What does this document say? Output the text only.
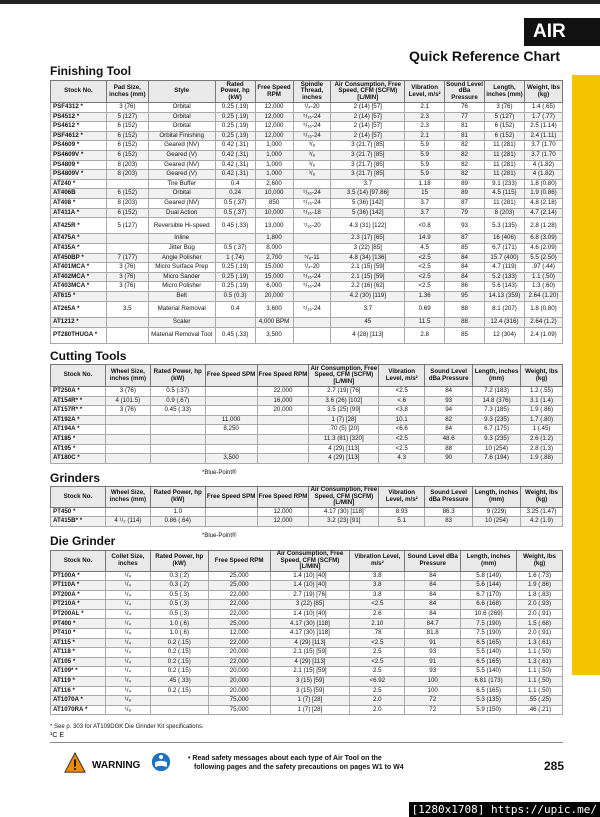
AIR
Quick Reference Chart
Finishing Tool
Stock No.	Pad Size, inches (mm)	Style	Rated Power, hp (kW)	Free Speed RPM	Spindle Thread, inches	Air Consumption, Free Speed, CFM (SCFM) [L/MIN]	Vibration Level, m/s²	Sound Level dBa Pressure	Length, inches (mm)	Weight, lbs (kg)
PSF4312 *	3 (76)	Orbital	0.25 (.19)	12,000	¹/₄-20	2 (14) [57]	2.1	76	3 (76)	1.4 (.65)
PS4512 *	5 (127)	Orbital	0.25 (.19)	12,000	⁵/₁₆-24	2 (14) [57]	2.3	77	5 (127)	1.7 (.77)
PS4612 *	6 (152)	Orbital	0.25 (.19)	12,000	⁵/₁₆-24	2 (14) [57]	2.3	81	6 (152)	2.5 (1.14)
PSF4612 *	6 (152)	Orbital Finishing	0.25 (.19)	12,000	⁵/₁₆-24	2 (14) [57]	2.1	81	6 (152)	2.4 (1.11)
PS4609 *	6 (152)	Geared (NV)	0.42 (.31)	1,000	³/₈	3 (21.7) [85]	5.9	82	11 (281)	3.7 (1.70
PS4609V *	6 (152)	Geared (V)	0.42 (.31)	1,000	³/₈	3 (21.7) [85]	5.9	82	11 (281)	3.7 (1.70
PS4809 *	8 (203)	Geared (NV)	0.42 (.31)	1,000	³/₈	3 (21.7) [85]	5.9	82	11 (281)	4 (1.82)
PS4809V *	8 (203)	Geared (V)	0.42 (.31)	1,000	³/₈	3 (21.7) [85]	5.9	82	11 (281)	4 (1.82)
AT240 *		Tire Buffer	0.4	2,600		3.7	1.18	89	9.1 (233)	1.8 (0.80)
AT406B	6 (152)	Orbital	0.24	10,000	⁵/₁₆-24	3.5 (14) [97.86]	15	89	4.5 (115)	1.9 (0.86)
AT408 *	8 (203)	Geared (NV)	0.5 (.37)	850	⁵/₁₆-24	5 (36) [142]	3.7	87	11 (281)	4.8 (2.18)
AT411A *	6 (152)	Dual Action	0.5 (.37)	10,000	⁵/₁₆-18	5 (36) [142]	3.7	79	8 (203)	4.7 (2.14)
AT425R *	5 (127)	Reversible Hi-speed	0.45 (.33)	13,000	⁷/₁₆-20	4.3 (31) [122]	<0.8	93	5.3 (135)	2.8 (1.28)
AT475A *		Inline		1,800		2.3 (17) [65]	14.9	87	16 (406)	6.8 (3.09)
AT435A *		Jitter Bug	0.5 (.37)	8,000		3 (22) [85]	4.5	85	6.7 (171)	4.6 (2.09)
AT450BP *	7 (177)	Angle Polisher	1 (.74)	2,700	⁵/₈-11	4.8 (34) [136]	<2.5	84	15.7 (400)	5.5 (2.50)
AT401MCA *	3 (76)	Micro Surface Prep	0.25 (.19)	15,000	¹/₄-20	2.1 (15) [59]	<2.5	84	4.7 (119)	.97 (.44)
AT402MCA *	3 (76)	Micro Sander	0.25 (.19)	15,000	⁵/₁₆-24	2.1 (15) [59]	<2.5	84	5.2 (133)	1.1 (.50)
AT403MCA *	3 (76)	Micro Polisher	0.25 (.19)	6,000	⁵/₁₆-24	2.2 (16) [62]	<2.5	86	5.6 (143)	1.3 (.60)
AT615 *		Belt	0.5 (0.3)	20,000		4.2 (30) [119]	1.36	95	14.13 (359)	2.64 (1.20)
AT265A *	3.5	Material Removal	0.4	3,600	⁵/₁₆-24	3.7	0.69	88	8.1 (207)	1.8 (0.80)
AT1212 *		Scaler		4,000 BPM		45	11.5	88	12.4 (316)	2.64 (1.2)
PT280THUGA *		Material Removal Tool	0.45 (.33)	3,500		4 (28) [113]	2.8	85	12 (304)	2.4 (1.09)
Cutting Tools
Stock No.	Wheel Size, inches (mm)	Rated Power, hp (kW)	Free Speed SPM	Free Speed RPM	Air Consumption, Free Speed, CFM (SCFM) [L/MIN]	Vibration Level, m/s²	Sound Level dBa Pressure	Length, inches (mm)	Weight, lbs (kg)
PT250A *	3 (76)	0.5 (.37)		22,000	2.7 (19) [76]	<2.5	84	7.2 (183)	1.2 (.55)
AT154R* *	4 (101.5)	0.9 (.67)		16,000	3.6 (26) [102]	<.6	93	14.8 (376)	3.1 (1.4)
AT157R* *	3 (76)	0.45 (.33)		20,000	3.5 (25) [99]	<3.8	94	7.3 (185)	1.9 (.86)
AT192A *			11,000		1 (7) [28]	10.1	82	9.3 (235)	1.7 (.80)
AT194A *			8,250		.70 (5) [20]	<6.6	84	6.7 (175)	1 (.45)
AT185 *					11.3 (81) [320]	<2.5	48.6	9.3 (235)	2.6 (1.2)
AT195 *					4 (29) [113]	<2.5	88	10 (254)	2.8 (1.3)
AT180C *			3,500		4 (29) [113]	4.3	90	7.6 (194)	1.9 (.88)
*Blue-Point®
Grinders
Stock No.	Wheel Size, inches (mm)	Rated Power, hp (kW)	Free Speed SPM	Free Speed RPM	Air Consumption, Free Speed, CFM (SCFM) [L/MIN]	Vibration Level, m/s²	Sound Level dBa Pressure	Length, inches (mm)	Weight, lbs (kg)
PT450 *		1.0		12,000	4.17 (30) [118]	8.93	86.3	9 (229)	3.25 (1.47)
AT415B* *	4 ¹/₂ (114)	0.86 (.64)		12,000	3.2 (23) [91]	5.1	83	10 (254)	4.2 (1.9)
*Blue-Point®
Die Grinder
Stock No.	Collet Size, inches	Rated Power, hp (kW)	Free Speed RPM	Air Consumption, Free Speed, CFM (SCFM) [L/MIN]	Vibration Level, m/s²	Sound Level dBa Pressure	Length, inches (mm)	Weight, lbs (kg)
PT100A *	¹/₄	0.3 (.2)	25,000	1.4 (10) [40]	3.8	84	5.8 (149)	1.6 (.73)
PT110A *	¹/₄	0.3 (.2)	25,000	1.4 (10) [40]	3.8	84	5.6 (144)	1.9 (.86)
PT200A *	¹/₄	0.5 (.3)	22,000	2.7 (19) [76]	3.8	84	6.7 (170)	1.8 (.83)
PT210A *	¹/₄	0.5 (.3)	22,000	3 (22) [85]	<2.5	84	6.6 (168)	2.0 (.93)
PT200AL *	¹/₄	0.5 (.3)	22,000	1.4 (10) [40]	2.6	84	10.6 (269)	2.0 (.91)
PT400 *	¹/₄	1.0 (.6)	25,000	4.17 (30) [118]	2.10	84.7	7.5 (190)	1.5 (.68)
PT410 *	¹/₄	1.0 (.6)	12,000	4.17 (30) [118]	.78	81.8	7.5 (190)	2.0 (.91)
AT115 *	¹/₄	0.2 (.15)	22,000	4 (29) [113]	<2.5	91	6.5 (165)	1.3 (.61)
AT118 *	¹/₄	0.2 (.15)	20,000	2.1 (15) [59]	2.5	93	5.5 (140)	1.1 (.50)
AT105 *	¹/₄	0.2 (.15)	22,000	4 (29) [113]	<2.5	91	6.5 (165)	1.3 (.61)
AT109* *	¹/₄	0.2 (.15)	20,000	2.1 (15) [59]	2.5	93	5.5 (140)	1.1 (.50)
AT119 *	¹/₄	.45 (.33)	20,000	3 (15) [59]	<6.92	100	6.81 (173)	1.1 (.50)
AT116 *	¹/₄	0.2 (.15)	20,000	3 (15) [59]	2.5	100	6.5 (165)	1.1 (.50)
AT1070A *	¹/₈		75,000	1 (7) [28]	2.0	72	5.3 (135)	.55 (.25)
AT1070RA *	¹/₈		75,000	1 (7) [28]	2.0	72	5.9 (150)	.46 (.21)
* See p. 303 for AT109DGK Die Grinder Kit specifications.
¹C E
WARNING
• Read safety messages about each type of Air Tool on the
following pages and the safety precautions on pages W1 to W4	285
[1280x1708] https://upic.me/
